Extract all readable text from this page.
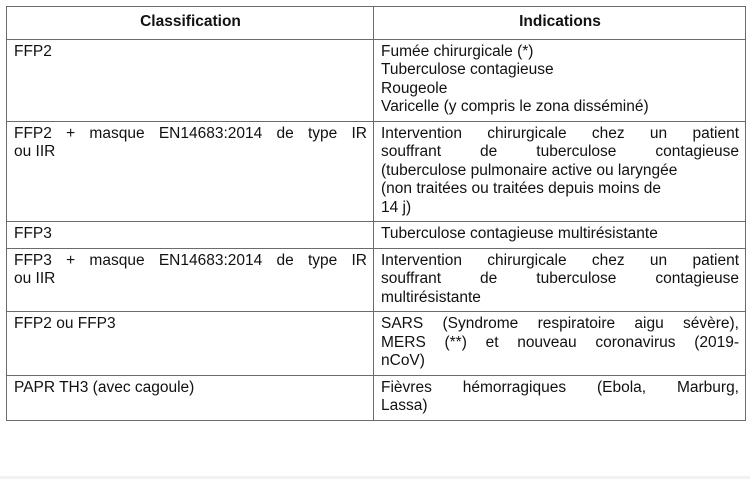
Classification	Indications

FFP2	Fumée chirurgicale (*)
Tuberculose contagieuse
Rougeole
Varicelle (y compris le zona disséminé)

FFP2 + masque EN14683:2014 de type IR
ou IIR	Intervention chirurgicale chez un patient
souffrant de tuberculose contagieuse
(tuberculose pulmonaire active ou laryngée
(non traitées ou traitées depuis moins de
14 j)

FFP3	Tuberculose contagieuse multirésistante

FFP3 + masque EN14683:2014 de type IR
ou IIR	Intervention chirurgicale chez un patient
souffrant de tuberculose contagieuse
multirésistante

FFP2 ou FFP3	SARS (Syndrome respiratoire aigu sévère),
MERS (**) et nouveau coronavirus (2019-
nCoV)

PAPR TH3 (avec cagoule)	Fièvres hémorragiques (Ebola, Marburg,
Lassa)
